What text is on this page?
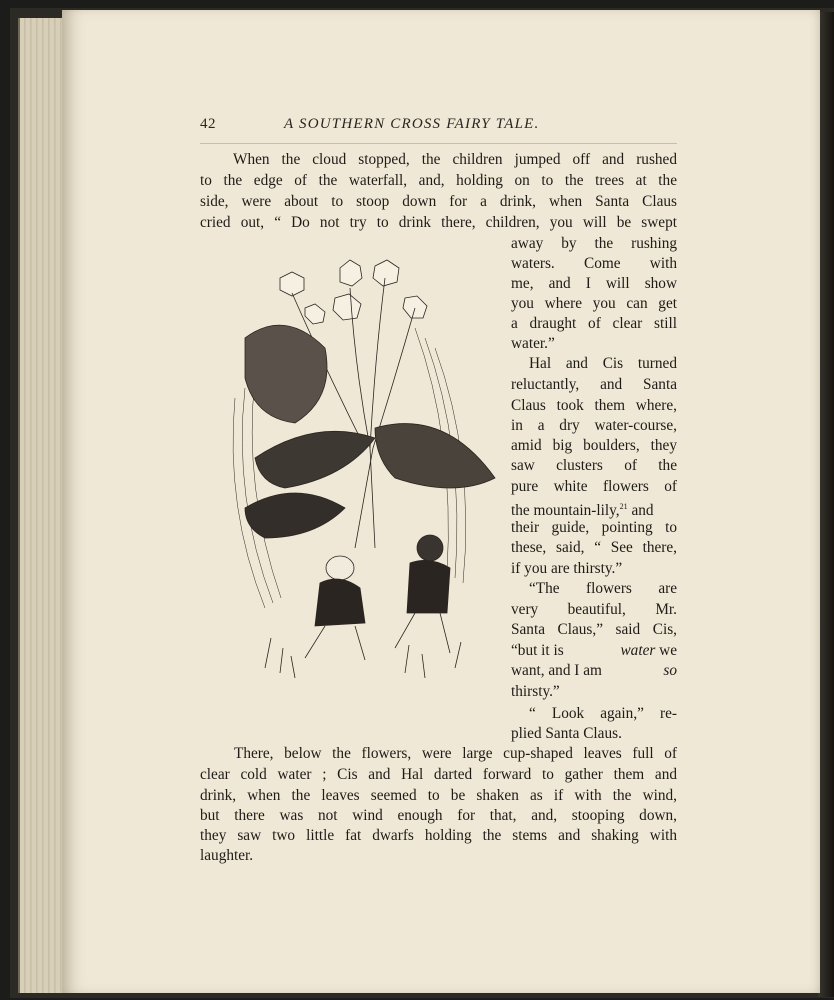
42	A SOUTHERN CROSS FAIRY TALE.
When the cloud stopped, the children jumped off and rushed
to the edge of the waterfall, and, holding on to the trees at the
side, were about to stoop down for a drink, when Santa Claus
cried out, “ Do not try to drink there, children, you will be swept
away by the rushing
waters. Come with
me, and I will show
you where you can get
a draught of clear still
water.”
Hal and Cis turned
reluctantly, and Santa
Claus took them where,
in a dry water-course,
amid big boulders, they
saw clusters of the
pure white flowers of
the mountain-lily,$^{21}$ and
their guide, pointing to
these, said, “ See there,
if you are thirsty.”
“The flowers are
very beautiful, Mr.
Santa Claus,” said Cis,
“but it is	water we
want, and I am	so
thirsty.”
“ Look again,” re-
plied Santa Claus.
There, below the flowers, were large cup-shaped leaves full of
clear cold water ; Cis and Hal darted forward to gather them and
drink, when the leaves seemed to be shaken as if with the wind,
but there was not wind enough for that, and, stooping down,
they saw two little fat dwarfs holding the stems and shaking with
laughter.
